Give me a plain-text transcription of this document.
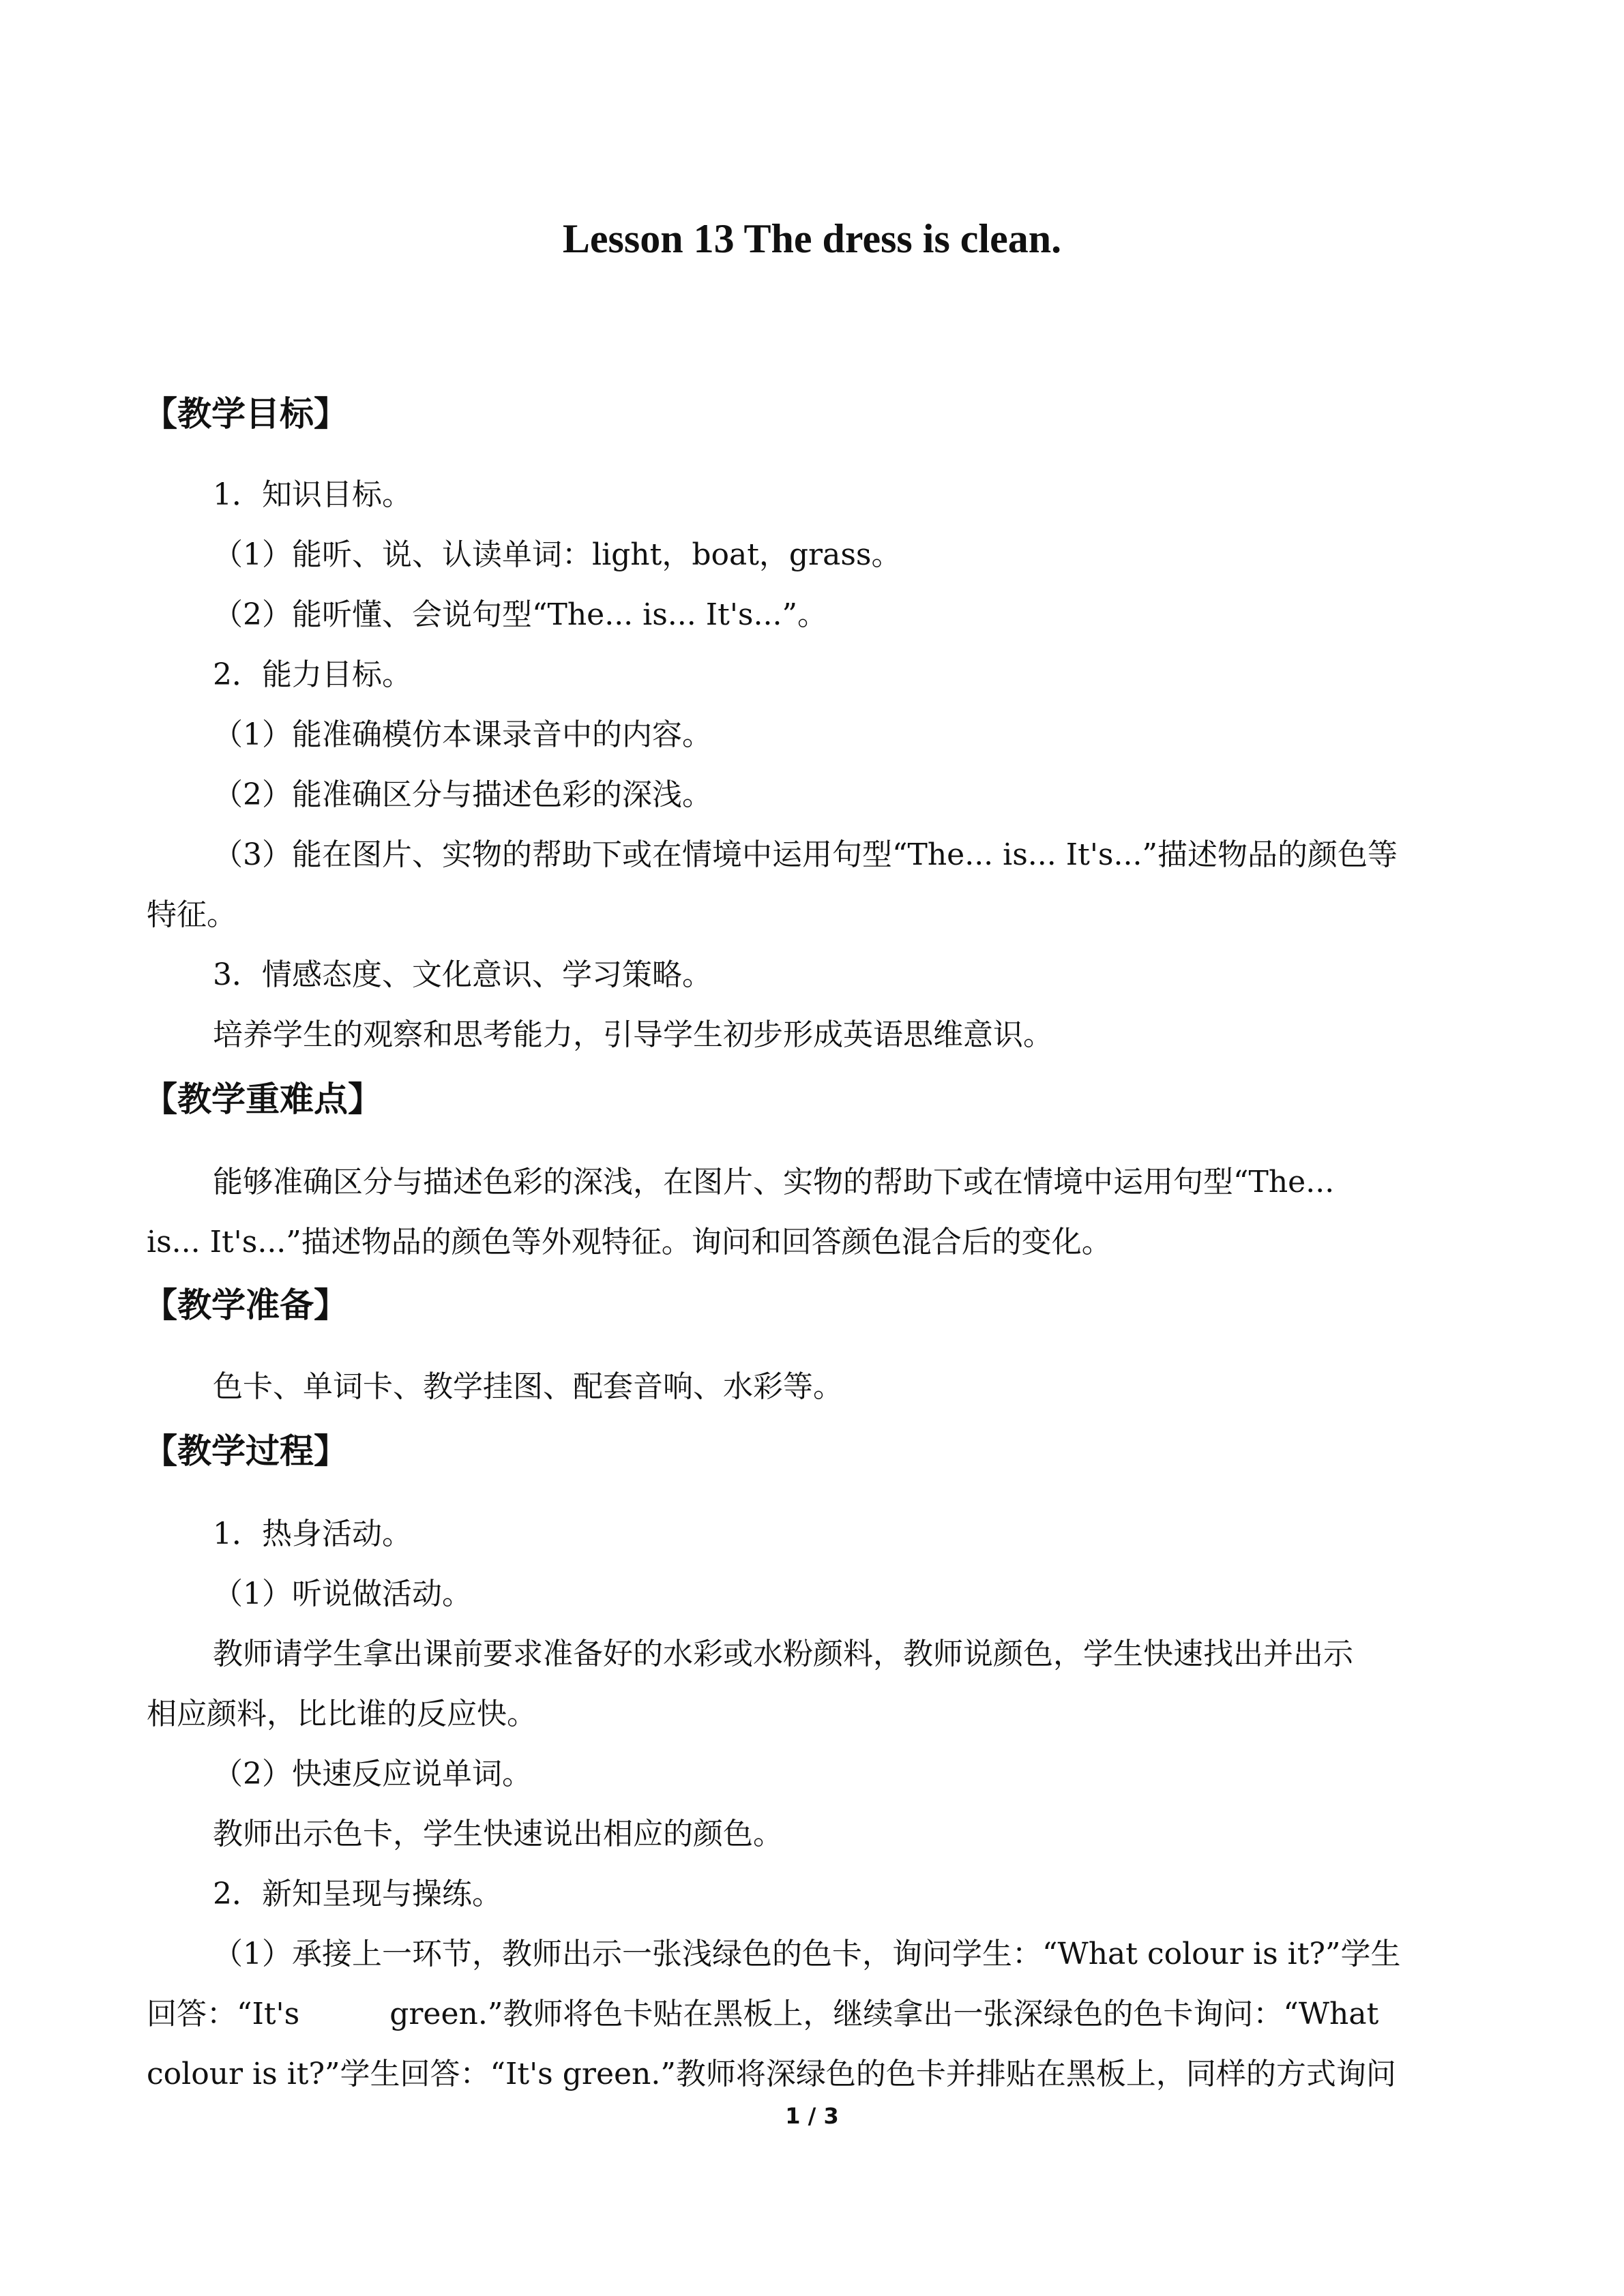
Lesson 13 The dress is clean.
【教学目标】
1．知识目标。
（1）能听、说、认读单词：light，boat，grass。
（2）能听懂、会说句型“The... is... It's...”。
2．能力目标。
（1）能准确模仿本课录音中的内容。
（2）能准确区分与描述色彩的深浅。
（3）能在图片、实物的帮助下或在情境中运用句型“The... is... It's...”描述物品的颜色等
特征。
3．情感态度、文化意识、学习策略。
培养学生的观察和思考能力，引导学生初步形成英语思维意识。
【教学重难点】
能够准确区分与描述色彩的深浅，在图片、实物的帮助下或在情境中运用句型“The...
is... It's...”描述物品的颜色等外观特征。询问和回答颜色混合后的变化。
【教学准备】
色卡、单词卡、教学挂图、配套音响、水彩等。
【教学过程】
1．热身活动。
（1）听说做活动。
教师请学生拿出课前要求准备好的水彩或水粉颜料，教师说颜色，学生快速找出并出示
相应颜料，比比谁的反应快。
（2）快速反应说单词。
教师出示色卡，学生快速说出相应的颜色。
2．新知呈现与操练。
（1）承接上一环节，教师出示一张浅绿色的色卡，询问学生：“What colour is it?”学生
回答：“It's　　　green.”教师将色卡贴在黑板上，继续拿出一张深绿色的色卡询问：“What
colour is it?”学生回答：“It's green.”教师将深绿色的色卡并排贴在黑板上，同样的方式询问
1 / 3
